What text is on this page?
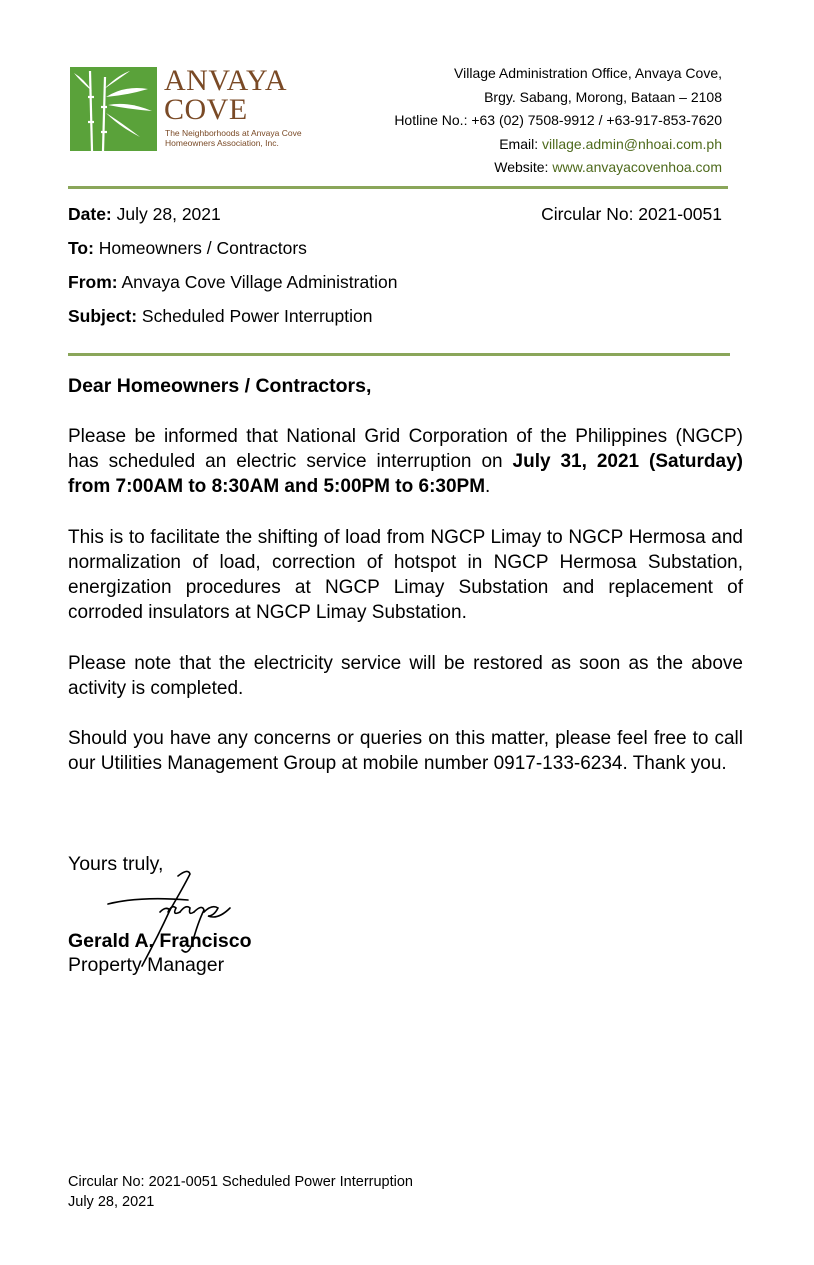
ANVAYA
COVE
The Neighborhoods at Anvaya Cove Homeowners Association, Inc.
Village Administration Office, Anvaya Cove,
Brgy. Sabang, Morong, Bataan – 2108
Hotline No.: +63 (02) 7508-9912 / +63-917-853-7620
Email: village.admin@nhoai.com.ph
Website: www.anvayacovenhoa.com
Date: July 28, 2021	Circular No: 2021-0051
To: Homeowners / Contractors
From: Anvaya Cove Village Administration
Subject: Scheduled Power Interruption
Dear Homeowners / Contractors,
Please be informed that National Grid Corporation of the Philippines (NGCP) has scheduled an electric service interruption on July 31, 2021 (Saturday) from 7:00AM to 8:30AM and 5:00PM to 6:30PM.
This is to facilitate the shifting of load from NGCP Limay to NGCP Hermosa and normalization of load, correction of hotspot in NGCP Hermosa Substation, energization procedures at NGCP Limay Substation and replacement of corroded insulators at NGCP Limay Substation.
Please note that the electricity service will be restored as soon as the above activity is completed.
Should you have any concerns or queries on this matter, please feel free to call our Utilities Management Group at mobile number 0917-133-6234. Thank you.
Yours truly,
Gerald A. Francisco
Property Manager
Circular No: 2021-0051 Scheduled Power Interruption
July 28, 2021
